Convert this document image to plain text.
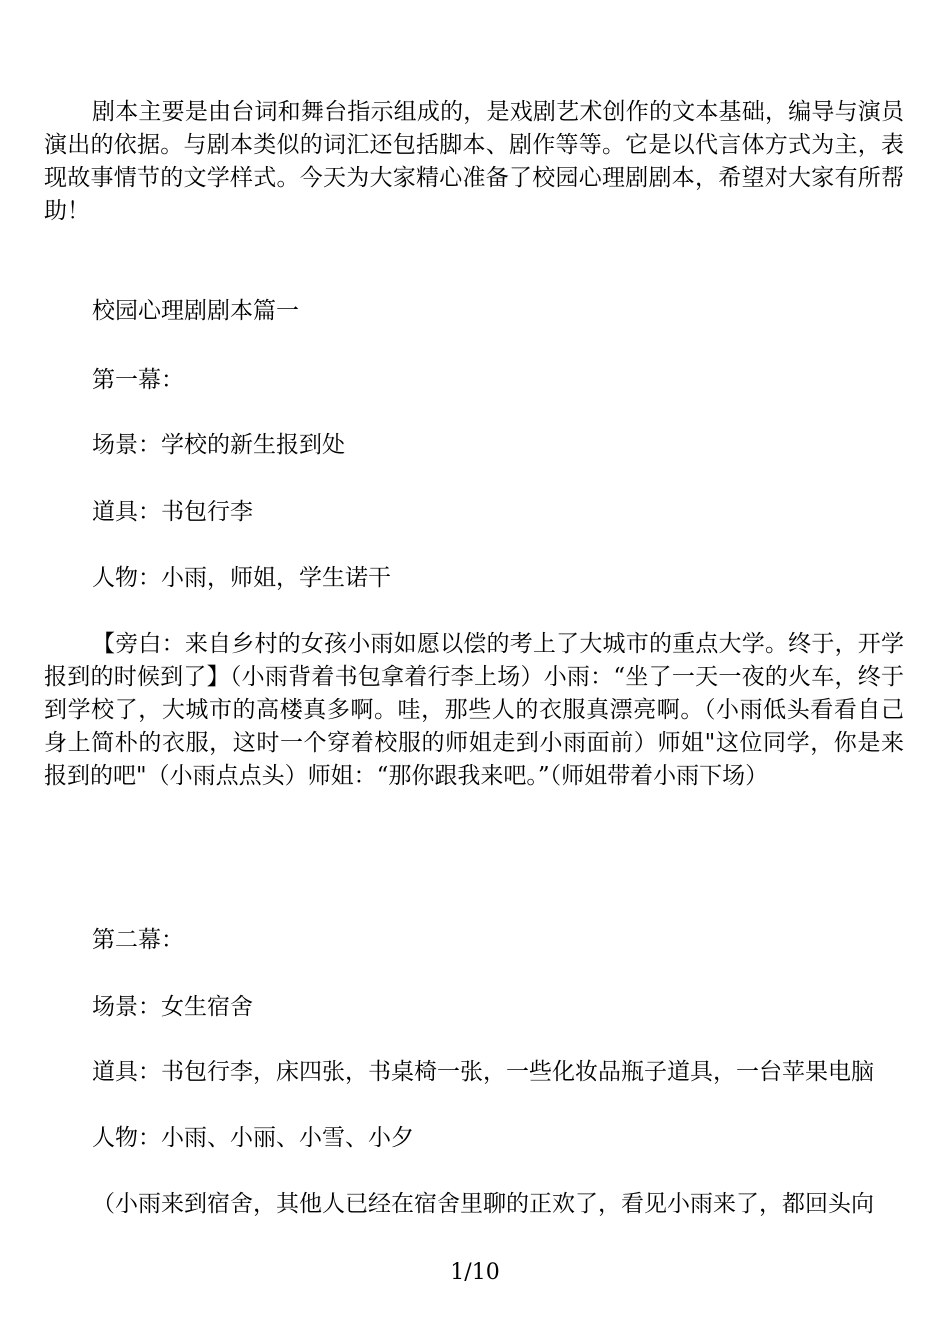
剧本主要是由台词和舞台指示组成的，是戏剧艺术创作的文本基础，编导与演员演出的依据。与剧本类似的词汇还包括脚本、剧作等等。它是以代言体方式为主，表现故事情节的文学样式。今天为大家精心准备了校园心理剧剧本，希望对大家有所帮助！

校园心理剧剧本篇一

第一幕：

场景：学校的新生报到处

道具：书包行李

人物：小雨，师姐，学生诺干

【旁白：来自乡村的女孩小雨如愿以偿的考上了大城市的重点大学。终于，开学报到的时候到了】（小雨背着书包拿着行李上场）小雨：“坐了一天一夜的火车，终于到学校了，大城市的高楼真多啊。哇，那些人的衣服真漂亮啊。（小雨低头看看自己身上简朴的衣服，这时一个穿着校服的师姐走到小雨面前）师姐"这位同学，你是来报到的吧"（小雨点点头）师姐：“那你跟我来吧。”（师姐带着小雨下场）

第二幕：

场景：女生宿舍

道具：书包行李，床四张，书桌椅一张，一些化妆品瓶子道具，一台苹果电脑

人物：小雨、小丽、小雪、小夕

（小雨来到宿舍，其他人已经在宿舍里聊的正欢了，看见小雨来了，都回头向

1/10
